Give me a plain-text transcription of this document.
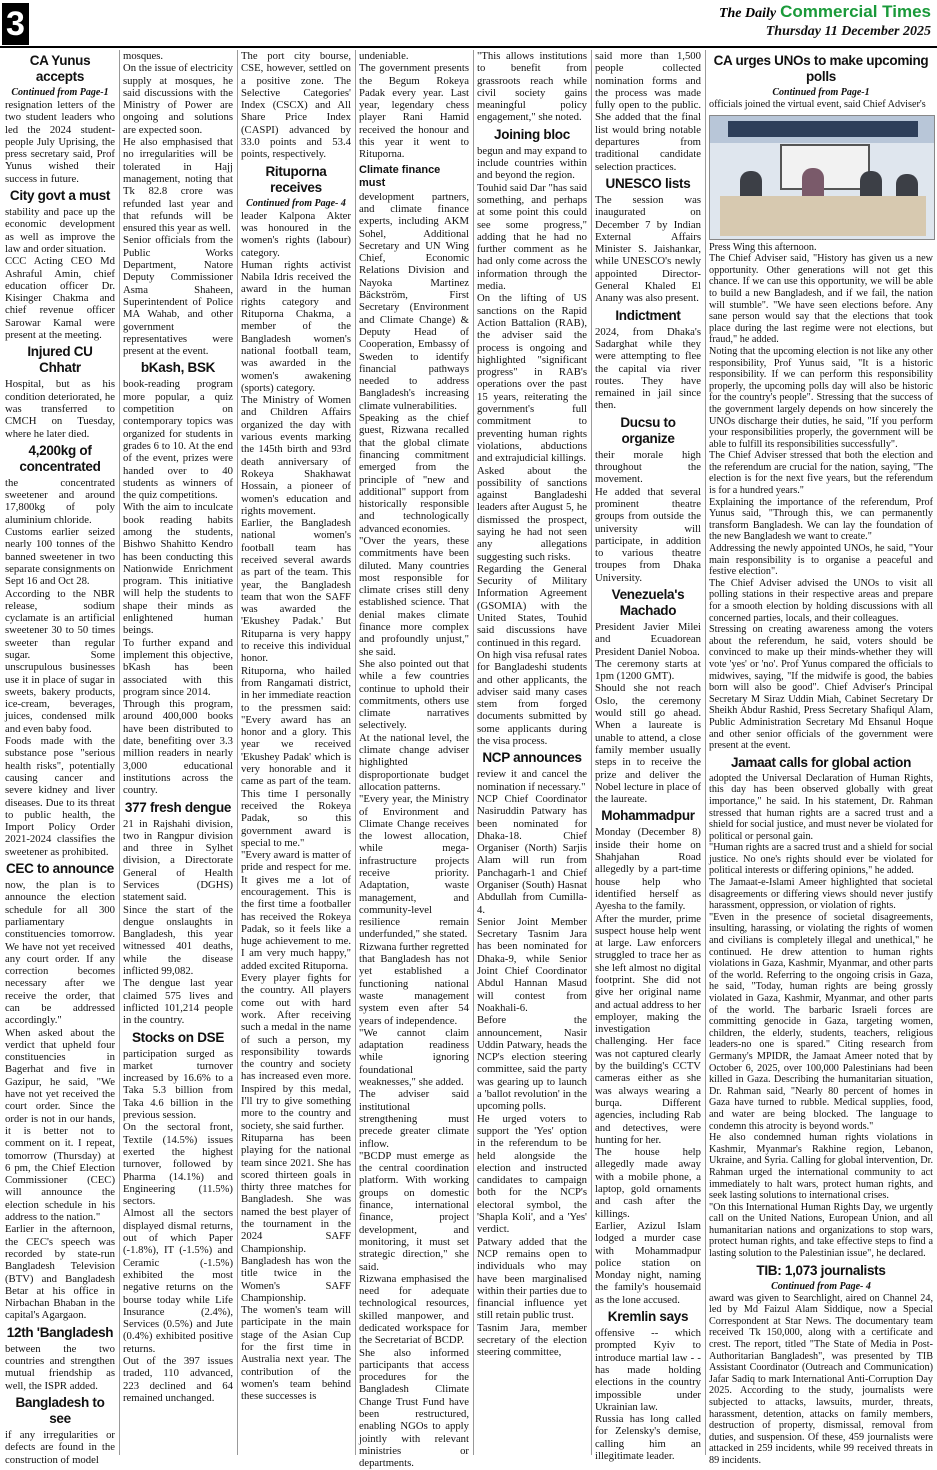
3	The Daily Commercial Times
Thursday 11 December 2025
CA Yunus accepts
Continued from Page-1

resignation letters of the two student leaders who led the 2024 student-people July Uprising, the press secretary said, Prof Yunus wished their success in future.

City govt a must

stability and pace up the economic development as well as improve the law and order situation.

CCC Acting CEO Md Ashraful Amin, chief education officer Dr. Kisinger Chakma and chief revenue officer Sarowar Kamal were present at the meeting.

Injured CU Chhatr

Hospital, but as his condition deteriorated, he was transferred to CMCH on Tuesday, where he later died.

4,200kg of concentrated

the concentrated sweetener and around 17,800kg of poly aluminium chloride.

Customs earlier seized nearly 100 tonnes of the banned sweetener in two separate consignments on Sept 16 and Oct 28.

According to the NBR release, sodium cyclamate is an artificial sweetener 30 to 50 times sweeter than regular sugar. Some unscrupulous businesses use it in place of sugar in sweets, bakery products, ice-cream, beverages, juices, condensed milk and even baby food.

Foods made with the substance pose "serious health risks", potentially causing cancer and severe kidney and liver diseases. Due to its threat to public health, the Import Policy Order 2021-2024 classifies the sweetener as prohibited.

CEC to announce

now, the plan is to announce the election schedule for all 300 parliamentary constituencies tomorrow. We have not yet received any court order. If any correction becomes necessary after we receive the order, that can be addressed accordingly."

When asked about the verdict that upheld four constituencies in Bagerhat and five in Gazipur, he said, "We have not yet received the court order. Since the order is not in our hands, it is better not to comment on it. I repeat, tomorrow (Thursday) at 6 pm, the Chief Election Commissioner (CEC) will announce the election schedule in his address to the nation."

Earlier in the afternoon, the CEC's speech was recorded by state-run Bangladesh Television (BTV) and Bangladesh Betar at his office in Nirbachan Bhaban in the capital's Agargaon.

12th 'Bangladesh

between the two countries and strengthen mutual friendship as well, the ISPR added.

Bangladesh to see

if any irregularities or defects are found in the construction of model

mosques.

On the issue of electricity supply at mosques, he said discussions with the Ministry of Power are ongoing and solutions are expected soon.

He also emphasised that no irregularities will be tolerated in Hajj management, noting that Tk 82.8 crore was refunded last year and that refunds will be ensured this year as well.

Senior officials from the Public Works Department, Natore Deputy Commissioner Asma Shaheen, Superintendent of Police MA Wahab, and other government representatives were present at the event.

bKash, BSK

book-reading program more popular, a quiz competition on contemporary topics was organized for students in grades 6 to 10. At the end of the event, prizes were handed over to 40 students as winners of the quiz competitions.

With the aim to inculcate book reading habits among the students, Bishwo Shahitto Kendro has been conducting this Nationwide Enrichment program. This initiative will help the students to shape their minds as enlightened human beings.

To further expand and implement this objective, bKash has been associated with this program since 2014.

Through this program, around 400,000 books have been distributed to date, benefiting over 3.3 million readers in nearly 3,000 educational institutions across the country.

377 fresh dengue

21 in Rajshahi division, two in Rangpur division and three in Sylhet division, a Directorate General of Health Services (DGHS) statement said.

Since the start of the dengue onslaughts in Bangladesh, this year witnessed 401 deaths, while the disease inflicted 99,082.

The dengue last year claimed 575 lives and inflicted 101,214 people in the country.

Stocks on DSE

participation surged as market turnover increased by 16.6% to a Taka 5.3 billion from Taka 4.6 billion in the previous session.

On the sectoral front, Textile (14.5%) issues exerted the highest turnover, followed by Pharma (14.1%) and Engineering (11.5%) sectors.

Almost all the sectors displayed dismal returns, out of which Paper (-1.8%), IT (-1.5%) and Ceramic (-1.5%) exhibited the most negative returns on the bourse today while Life Insurance (2.4%), Services (0.5%) and Jute (0.4%) exhibited positive returns.

Out of the 397 issues traded, 110 advanced, 223 declined and 64 remained unchanged.

The port city bourse, CSE, however, settled on a positive zone. The Selective Categories' Index (CSCX) and All Share Price Index (CASPI) advanced by 33.0 points and 53.4 points, respectively.

Rituporna receives
Continued from Page- 4

leader Kalpona Akter was honoured in the women's rights (labour) category.

Human rights activist Nabila Idris received the award in the human rights category and Rituporna Chakma, a member of the Bangladesh women's national football team, was awarded in the women's awakening (sports) category.

The Ministry of Women and Children Affairs organized the day with various events marking the 145th birth and 93rd death anniversary of Rokeya Shakhawat Hossain, a pioneer of women's education and rights movement.

Earlier, the Bangladesh national women's football team has received several awards as part of the team. This year, the Bangladesh team that won the SAFF was awarded the 'Ekushey Padak.' But Rituparna is very happy to receive this individual honor.

Rituporna, who hailed from Rangamati district, in her immediate reaction to the pressmen said: "Every award has an honor and a glory. This year we received 'Ekushey Padak' which is very honorable and it came as part of the team. This time I personally received the Rokeya Padak, so this government award is special to me."

"Every award is matter of pride and respect for me. It gives me a lot of encouragement. This is the first time a footballer has received the Rokeya Padak, so it feels like a huge achievement to me. I am very much happy," added excited Rituporna.

Every player fights for the country. All players come out with hard work. After receiving such a medal in the name of such a person, my responsibility towards the country and society has increased even more. Inspired by this medal, I'll try to give something more to the country and society, she said further.

Rituparna has been playing for the national team since 2021. She has scored thirteen goals in thirty three matches for Bangladesh. She was named the best player of the tournament in the 2024 SAFF Championship. Bangladesh has won the title twice in the Women's SAFF Championship.

The women's team will participate in the main stage of the Asian Cup for the first time in Australia next year. The contribution of the women's team behind these successes is

undeniable.

The government presents the Begum Rokeya Padak every year. Last year, legendary chess player Rani Hamid received the honour and this year it went to Rituporna.

Climate finance must

development partners, and climate finance experts, including AKM Sohel, Additional Secretary and UN Wing Chief, Economic Relations Division and Nayoka Martinez Bäckström, First Secretary (Environment and Climate Change) & Deputy Head of Cooperation, Embassy of Sweden to identify financial pathways needed to address Bangladesh's increasing climate vulnerabilities.

Speaking as the chief guest, Rizwana recalled that the global climate financing commitment emerged from the principle of "new and additional" support from historically responsible and technologically advanced economies.

"Over the years, these commitments have been diluted. Many countries most responsible for climate crises still deny established science. That denial makes climate finance more complex and profoundly unjust," she said.

She also pointed out that while a few countries continue to uphold their commitments, others use climate narratives selectively.

At the national level, the climate change adviser highlighted disproportionate budget allocation patterns.

"Every year, the Ministry of Environment and Climate Change receives the lowest allocation, while mega-infrastructure projects receive priority. Adaptation, waste management, and community-level resilience remain underfunded," she stated.

Rizwana further regretted that Bangladesh has not yet established a functioning national waste management system even after 54 years of independence.

"We cannot claim adaptation readiness while ignoring foundational weaknesses," she added.

The adviser said institutional strengthening must precede greater climate inflow.

"BCDP must emerge as the central coordination platform. With working groups on domestic finance, international finance, project development, and monitoring, it must set strategic direction," she said.

Rizwana emphasised the need for adequate technological resources, skilled manpower, and dedicated workspace for the Secretariat of BCDP.

She also informed participants that access procedures for the Bangladesh Climate Change Trust Fund have been restructured, enabling NGOs to apply jointly with relevant ministries or departments.

"This allows institutions to benefit from grassroots reach while civil society gains meaningful policy engagement," she noted.

Joining bloc

begun and may expand to include countries within and beyond the region.

Touhid said Dar "has said something, and perhaps at some point this could see some progress," adding that he had no further comment as he had only come across the information through the media.

On the lifting of US sanctions on the Rapid Action Battalion (RAB), the adviser said the process is ongoing and highlighted "significant progress" in RAB's operations over the past 15 years, reiterating the government's full commitment to preventing human rights violations, abductions and extrajudicial killings.

Asked about the possibility of sanctions against Bangladeshi leaders after August 5, he dismissed the prospect, saying he had not seen any allegations suggesting such risks.

Regarding the General Security of Military Information Agreement (GSOMIA) with the United States, Touhid said discussions have continued in this regard.

On high visa refusal rates for Bangladeshi students and other applicants, the adviser said many cases stem from forged documents submitted by some applicants during the visa process.

NCP announces

review it and cancel the nomination if necessary."

NCP Chief Coordinator Nasiruddin Patwary has been nominated for Dhaka-18. Chief Organiser (North) Sarjis Alam will run from Panchagarh-1 and Chief Organiser (South) Hasnat Abdullah from Cumilla-4.

Senior Joint Member Secretary Tasnim Jara has been nominated for Dhaka-9, while Senior Joint Chief Coordinator Abdul Hannan Masud will contest from Noakhali-6.

Before the announcement, Nasir Uddin Patwary, heads the NCP's election steering committee, said the party was gearing up to launch a 'ballot revolution' in the upcoming polls.

He urged voters to support the 'Yes' option in the referendum to be held alongside the election and instructed candidates to campaign both for the NCP's electoral symbol, the 'Shapla Koli', and a 'Yes' verdict.

Patwary added that the NCP remains open to individuals who may have been marginalised within their parties due to financial influence yet still retain public trust.

Tasnim Jara, member secretary of the election steering committee,

said more than 1,500 people collected nomination forms and the process was made fully open to the public. She added that the final list would bring notable departures from traditional candidate selection practices.

UNESCO lists

The session was inaugurated on December 7 by Indian External Affairs Minister S. Jaishankar, while UNESCO's newly appointed Director-General Khaled El Anany was also present.

Indictment

2024, from Dhaka's Sadarghat while they were attempting to flee the capital via river routes. They have remained in jail since then.

Ducsu to organize

their morale high throughout the movement.

He added that several prominent theatre groups from outside the university will participate, in addition to various theatre troupes from Dhaka University.

Venezuela's Machado

President Javier Milei and Ecuadorean President Daniel Noboa.

The ceremony starts at 1pm (1200 GMT).

Should she not reach Oslo, the ceremony would still go ahead. When a laureate is unable to attend, a close family member usually steps in to receive the prize and deliver the Nobel lecture in place of the laureate.

Mohammadpur

Monday (December 8) inside their home on Shahjahan Road allegedly by a part-time house help who identified herself as Ayesha to the family.

After the murder, prime suspect house help went at large. Law enforcers struggled to trace her as she left almost no digital footprint. She did not give her original name and actual address to her employer, making the investigation challenging. Her face was not captured clearly by the building's CCTV cameras either as she was always wearing a burqa. Different agencies, including Rab and detectives, were hunting for her.

The house help allegedly made away with a mobile phone, a laptop, gold ornaments and cash after the killings.

Earlier, Azizul Islam lodged a murder case with Mohammadpur police station on Monday night, naming the family's housemaid as the lone accused.

Kremlin says

offensive -- which prompted Kyiv to introduce martial law - - has made holding elections in the country impossible under Ukrainian law.

Russia has long called for Zelensky's demise, calling him an illegitimate leader.

CA urges UNOs to make upcoming polls
Continued from Page-1

officials joined the virtual event, said Chief Adviser's

Press Wing this afternoon.

The Chief Adviser said, "History has given us a new opportunity. Other generations will not get this chance. If we can use this opportunity, we will be able to build a new Bangladesh, and if we fail, the nation will stumble". "We have seen elections before. Any sane person would say that the elections that took place during the last regime were not elections, but fraud," he added.

Noting that the upcoming election is not like any other responsibility, Prof Yunus said, "It is a historic responsibility. If we can perform this responsibility properly, the upcoming polls day will also be historic for the country's people". Stressing that the success of the government largely depends on how sincerely the UNOs discharge their duties, he said, "If you perform your responsibilities properly, the government will be able to fulfill its responsibilities successfully".

The Chief Adviser stressed that both the election and the referendum are crucial for the nation, saying, "The election is for the next five years, but the referendum is for a hundred years."

Explaining the importance of the referendum, Prof Yunus said, "Through this, we can permanently transform Bangladesh. We can lay the foundation of the new Bangladesh we want to create."

Addressing the newly appointed UNOs, he said, "Your main responsibility is to organise a peaceful and festive election".

The Chief Adviser advised the UNOs to visit all polling stations in their respective areas and prepare for a smooth election by holding discussions with all concerned parties, locals, and their colleagues.

Stressing on creating awareness among the voters about the referendum, he said, voters should be convinced to make up their minds-whether they will vote 'yes' or 'no'. Prof Yunus compared the officials to midwives, saying, "If the midwife is good, the babies born will also be good". Chief Adviser's Principal Secretary M Siraz Uddin Miah, Cabinet Secretary Dr Sheikh Abdur Rashid, Press Secretary Shafiqul Alam, Public Administration Secretary Md Ehsanul Hoque and other senior officials of the government were present at the event.

Jamaat calls for global action

adopted the Universal Declaration of Human Rights, this day has been observed globally with great importance," he said. In his statement, Dr. Rahman stressed that human rights are a sacred trust and a shield for social justice, and must never be violated for political or personal gain.

"Human rights are a sacred trust and a shield for social justice. No one's rights should ever be violated for political interests or differing opinions," he added.

The Jamaat-e-Islami Ameer highlighted that societal disagreements or differing views should never justify harassment, oppression, or violation of rights.

"Even in the presence of societal disagreements, insulting, harassing, or violating the rights of women and civilians is completely illegal and unethical," he continued. He drew attention to human rights violations in Gaza, Kashmir, Myanmar, and other parts of the world. Referring to the ongoing crisis in Gaza, he said, "Today, human rights are being grossly violated in Gaza, Kashmir, Myanmar, and other parts of the world. The barbaric Israeli forces are committing genocide in Gaza, targeting women, children, the elderly, students, teachers, religious leaders-no one is spared." Citing research from Germany's MPIDR, the Jamaat Ameer noted that by October 6, 2025, over 100,000 Palestinians had been killed in Gaza. Describing the humanitarian situation, Dr. Rahman said, "Nearly 80 percent of homes in Gaza have turned to rubble. Medical supplies, food, and water are being blocked. The language to condemn this atrocity is beyond words."

He also condemned human rights violations in Kashmir, Myanmar's Rakhine region, Lebanon, Ukraine, and Syria. Calling for global intervention, Dr. Rahman urged the international community to act immediately to halt wars, protect human rights, and seek lasting solutions to international crises.

"On this International Human Rights Day, we urgently call on the United Nations, European Union, and all humanitarian nations and organizations to stop wars, protect human rights, and take effective steps to find a lasting solution to the Palestinian issue", he declared.

TIB: 1,073 journalists
Continued from Page- 4

award was given to Searchlight, aired on Channel 24, led by Md Faizul Alam Siddique, now a Special Correspondent at Star News. The documentary team received Tk 150,000, along with a certificate and crest. The report, titled "The State of Media in Post-Authoritarian Bangladesh", was presented by TIB Assistant Coordinator (Outreach and Communication) Jafar Sadiq to mark International Anti-Corruption Day 2025. According to the study, journalists were subjected to attacks, lawsuits, murder, threats, harassment, detention, attacks on family members, destruction of property, dismissal, removal from duties, and suspension. Of these, 459 journalists were attacked in 259 incidents, while 99 received threats in 89 incidents.
